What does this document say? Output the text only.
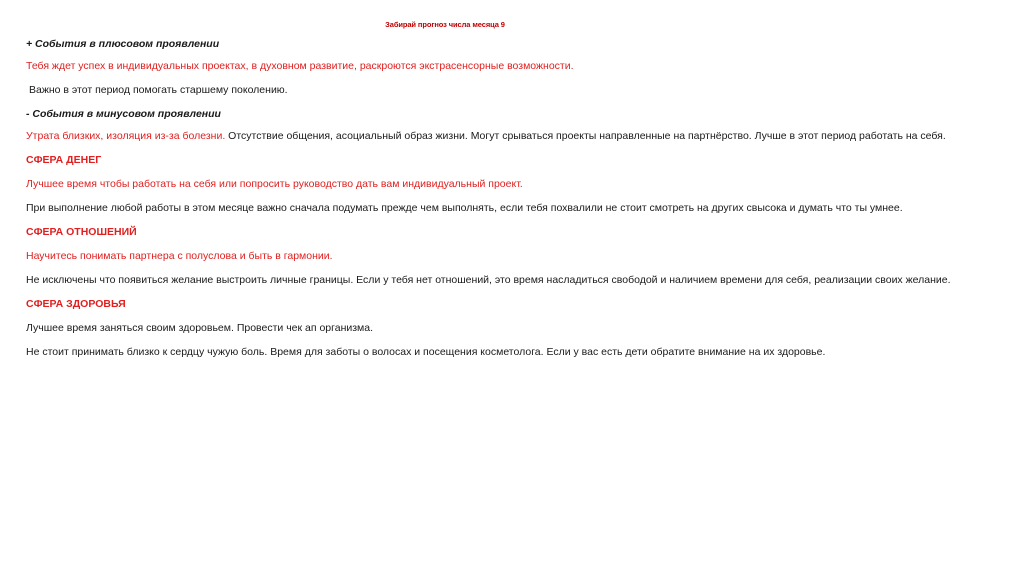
Забирай прогноз числа месяца 9
+ События в плюсовом проявлении
Тебя ждет успех в индивидуальных проектах, в духовном развитие, раскроются экстрасенсорные возможности.
Важно в этот период помогать старшему поколению.
- События в минусовом проявлении
Утрата близких, изоляция из-за болезни. Отсутствие общения, асоциальный образ жизни. Могут срываться проекты направленные на партнёрство. Лучше в этот период работать на себя.
СФЕРА ДЕНЕГ
Лучшее время чтобы работать на себя или попросить руководство дать вам индивидуальный проект.
При выполнение любой работы в этом месяце важно сначала подумать прежде чем выполнять, если тебя похвалили не стоит смотреть на других свысока и думать что ты умнее.
СФЕРА ОТНОШЕНИЙ
Научитесь понимать партнера с полуслова и быть в гармонии.
Не исключены что появиться желание выстроить личные границы. Если у тебя нет отношений, это время насладиться свободой и наличием времени для себя, реализации своих желание.
СФЕРА ЗДОРОВЬЯ
Лучшее время заняться своим здоровьем. Провести чек ап организма.
Не стоит принимать близко к сердцу чужую боль. Время для заботы о волосах и посещения косметолога. Если у вас есть дети обратите внимание на их здоровье.
